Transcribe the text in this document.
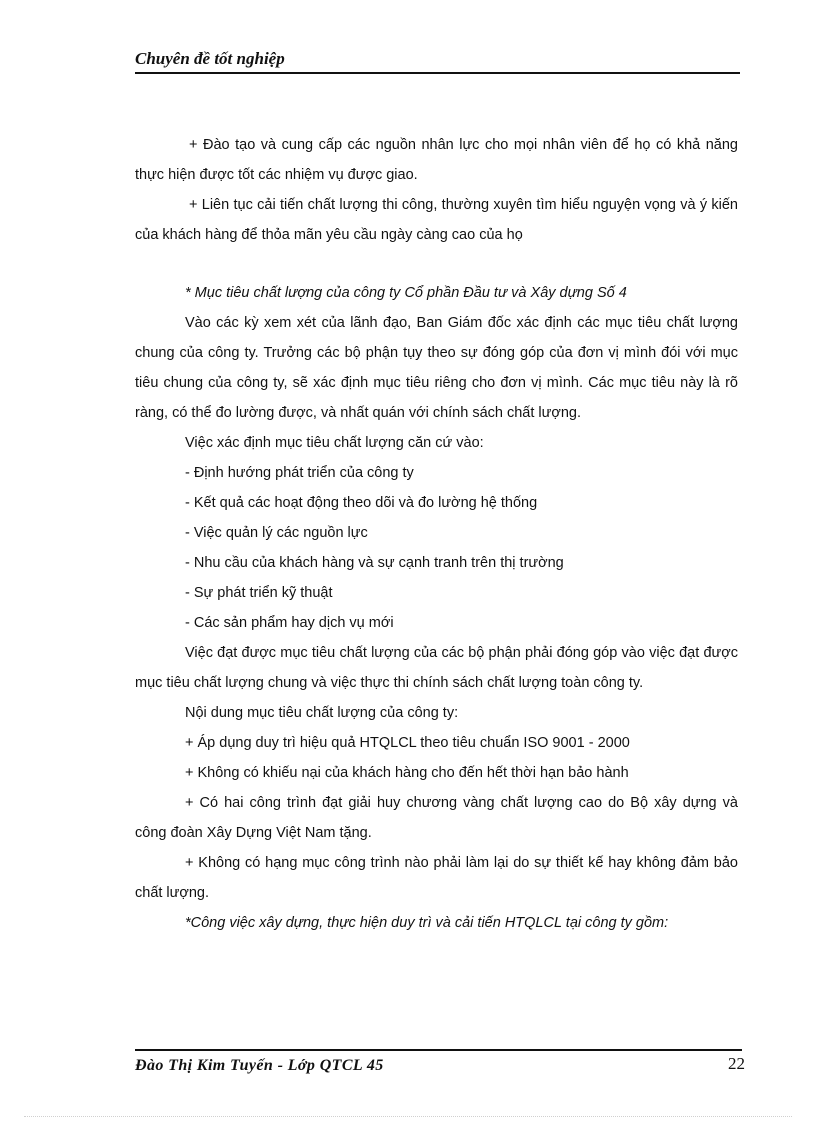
Chuyên đề tốt nghiệp

+ Đào tạo và cung cấp các nguồn nhân lực cho mọi nhân viên để họ có khả năng thực hiện được tốt các nhiệm vụ được giao.

+ Liên tục cải tiến chất lượng thi công, thường xuyên tìm hiểu nguyện vọng và ý kiến của khách hàng để thỏa mãn yêu cầu ngày càng cao của họ

* Mục tiêu chất lượng của công ty Cổ phần Đầu tư và Xây dựng Số 4

Vào các kỳ xem xét của lãnh đạo, Ban Giám đốc xác định các mục tiêu chất lượng chung của công ty. Trưởng các bộ phận tụy theo sự đóng góp của đơn vị mình đói với mục tiêu chung của công ty, sẽ xác định mục tiêu riêng cho đơn vị mình. Các mục tiêu này là rõ ràng, có thể đo lường được, và nhất quán với chính sách chất lượng.

Việc xác định mục tiêu chất lượng căn cứ vào:

- Định hướng phát triển của công ty

- Kết quả các hoạt động theo dõi và đo lường hệ thống

- Việc quản lý các nguồn lực

- Nhu cầu của khách hàng và sự cạnh tranh trên thị trường

- Sự phát triển kỹ thuật

- Các sản phẩm hay dịch vụ mới

Việc đạt được mục tiêu chất lượng của các bộ phận phải đóng góp vào việc đạt được mục tiêu chất lượng chung và việc thực thi chính sách chất lượng toàn công ty.

Nội dung mục tiêu chất lượng của công ty:

+ Áp dụng duy trì hiệu quả HTQLCL theo tiêu chuẩn ISO 9001 - 2000

+ Không có khiếu nại của khách hàng cho đến hết thời hạn bảo hành

+ Có hai công trình đạt giải huy chương vàng chất lượng cao do Bộ xây dựng và công đoàn Xây Dựng Việt Nam tặng.

+ Không có hạng mục công trình nào phải làm lại do sự thiết kế hay không đảm bảo chất lượng.

*Công việc xây dựng, thực hiện duy trì và cải tiến HTQLCL tại công ty gồm:

Đào Thị Kim Tuyến - Lớp QTCL 45	22
